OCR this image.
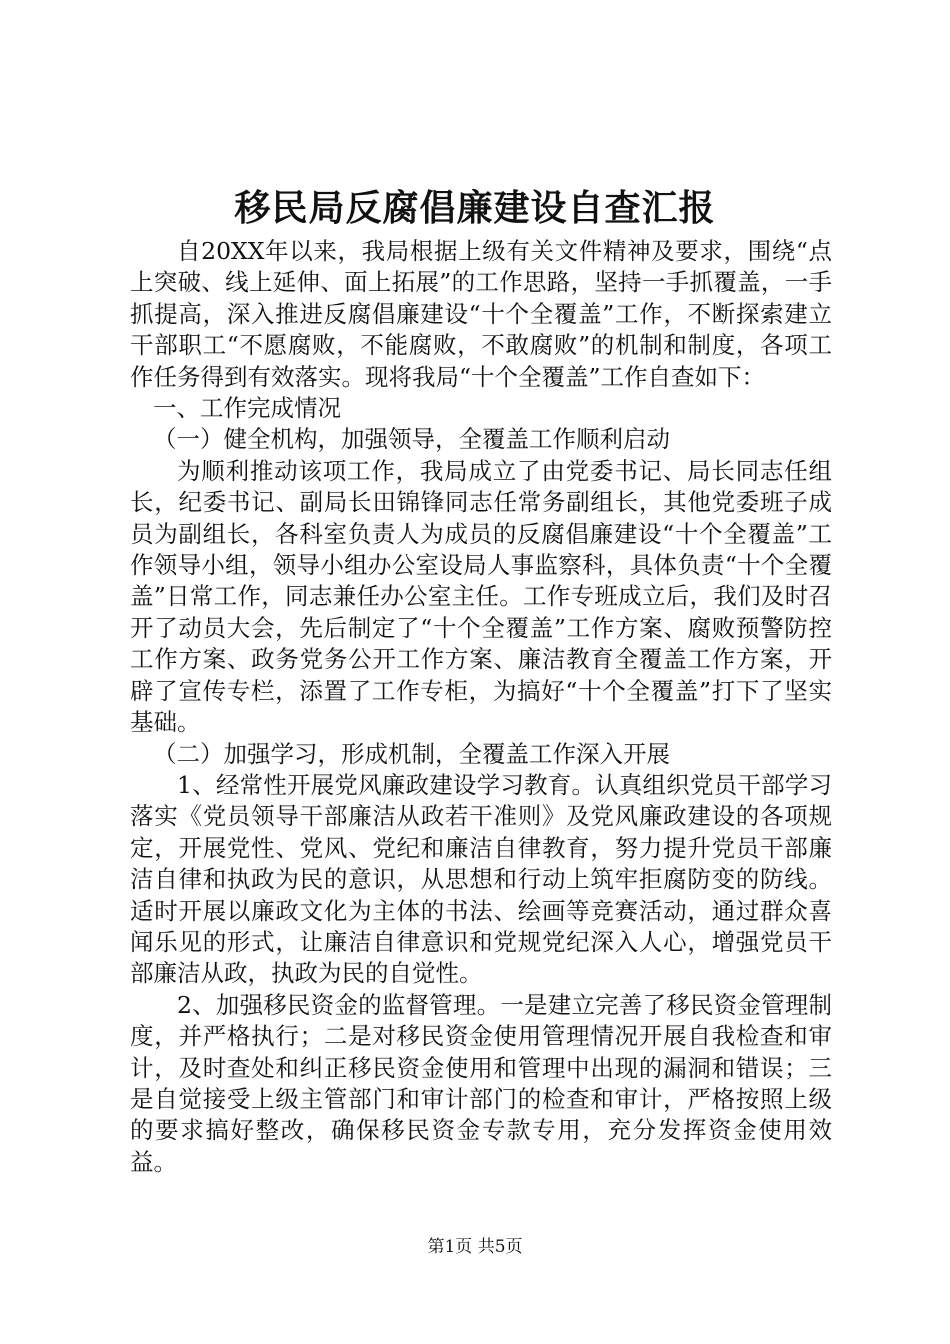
移民局反腐倡廉建设自查汇报

自20XX年以来，我局根据上级有关文件精神及要求，围绕“点上突破、线上延伸、面上拓展”的工作思路，坚持一手抓覆盖，一手抓提高，深入推进反腐倡廉建设“十个全覆盖”工作，不断探索建立干部职工“不愿腐败，不能腐败，不敢腐败”的机制和制度，各项工作任务得到有效落实。现将我局“十个全覆盖”工作自查如下：

一、工作完成情况

（一）健全机构，加强领导，全覆盖工作顺利启动

为顺利推动该项工作，我局成立了由党委书记、局长同志任组长，纪委书记、副局长田锦锋同志任常务副组长，其他党委班子成员为副组长，各科室负责人为成员的反腐倡廉建设“十个全覆盖”工作领导小组，领导小组办公室设局人事监察科，具体负责“十个全覆盖”日常工作，同志兼任办公室主任。工作专班成立后，我们及时召开了动员大会，先后制定了“十个全覆盖”工作方案、腐败预警防控工作方案、政务党务公开工作方案、廉洁教育全覆盖工作方案，开辟了宣传专栏，添置了工作专柜，为搞好“十个全覆盖”打下了坚实基础。

（二）加强学习，形成机制，全覆盖工作深入开展

1、经常性开展党风廉政建设学习教育。认真组织党员干部学习落实《党员领导干部廉洁从政若干准则》及党风廉政建设的各项规定，开展党性、党风、党纪和廉洁自律教育，努力提升党员干部廉洁自律和执政为民的意识，从思想和行动上筑牢拒腐防变的防线。适时开展以廉政文化为主体的书法、绘画等竞赛活动，通过群众喜闻乐见的形式，让廉洁自律意识和党规党纪深入人心，增强党员干部廉洁从政，执政为民的自觉性。

2、加强移民资金的监督管理。一是建立完善了移民资金管理制度，并严格执行；二是对移民资金使用管理情况开展自我检查和审计，及时查处和纠正移民资金使用和管理中出现的漏洞和错误；三是自觉接受上级主管部门和审计部门的检查和审计，严格按照上级的要求搞好整改，确保移民资金专款专用，充分发挥资金使用效益。

第1页 共5页
